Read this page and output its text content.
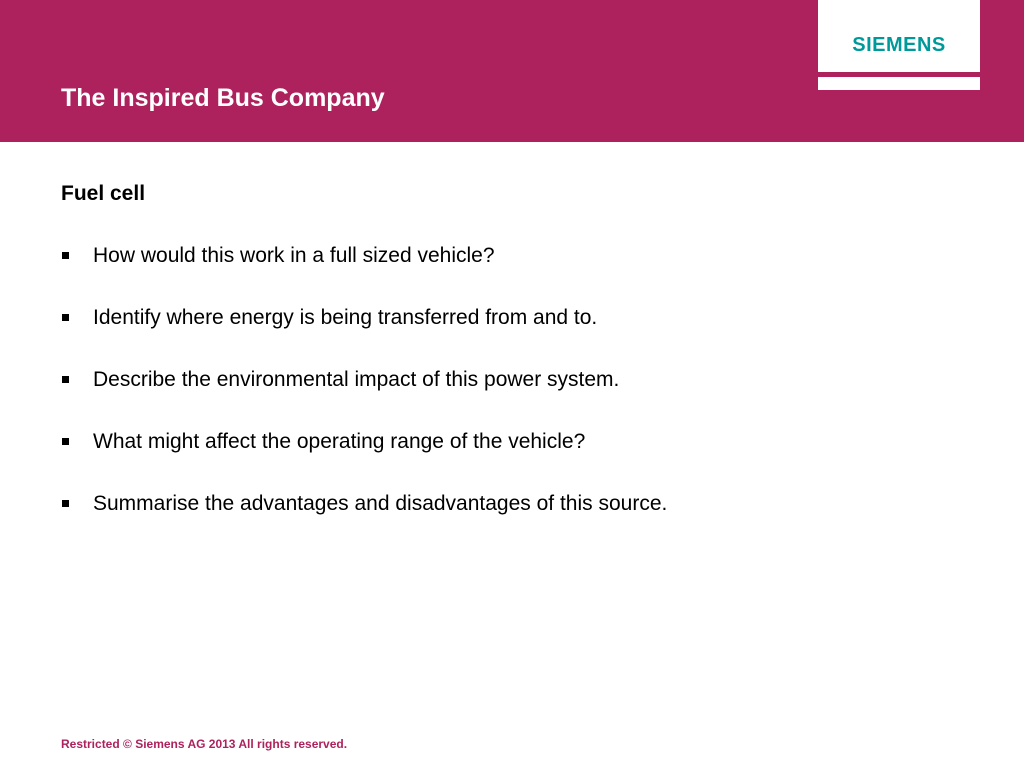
The Inspired Bus Company
SIEMENS
Fuel cell
How would this work in a full sized vehicle?
Identify where energy is being transferred from and to.
Describe the environmental impact of this power system.
What might affect the operating range of the vehicle?
Summarise the advantages and disadvantages of this source.
Restricted © Siemens AG 2013 All rights reserved.
